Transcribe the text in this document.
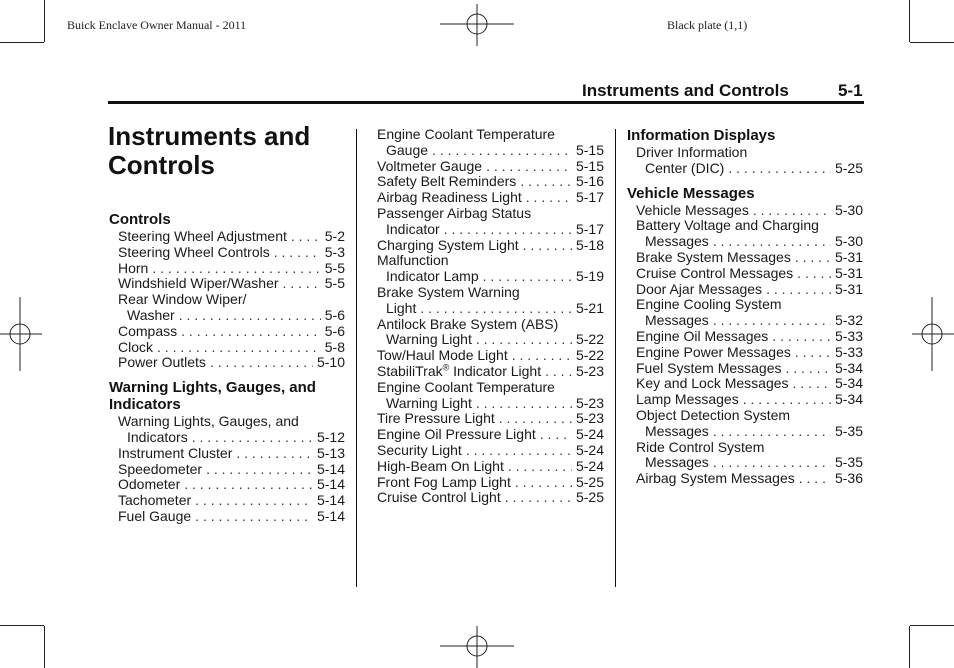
Buick Enclave Owner Manual - 2011	Black plate (1,1)
Instruments and Controls	5-1
Instruments and
Controls
Controls
Steering Wheel Adjustment . . .	5-2
Steering Wheel Controls . . .	5-3
Horn . . .	5-5
Windshield Wiper/Washer . . .	5-5
Rear Window Wiper/
Washer . . .	5-6
Compass . . .	5-6
Clock . . .	5-8
Power Outlets . . .	5-10
Warning Lights, Gauges, and
Indicators
Warning Lights, Gauges, and
Indicators . . .	5-12
Instrument Cluster . . .	5-13
Speedometer . . .	5-14
Odometer . . .	5-14
Tachometer . . .	5-14
Fuel Gauge . . .	5-14
Engine Coolant Temperature
Gauge . . .	5-15
Voltmeter Gauge . . .	5-15
Safety Belt Reminders . . .	5-16
Airbag Readiness Light . . .	5-17
Passenger Airbag Status
Indicator . . .	5-17
Charging System Light . . .	5-18
Malfunction
Indicator Lamp . . .	5-19
Brake System Warning
Light . . .	5-21
Antilock Brake System (ABS)
Warning Light . . .	5-22
Tow/Haul Mode Light . . .	5-22
StabiliTrak® Indicator Light . . . 5-23
Engine Coolant Temperature
Warning Light . . .	5-23
Tire Pressure Light . . .	5-23
Engine Oil Pressure Light . . .	5-24
Security Light . . .	5-24
High-Beam On Light . . .	5-24
Front Fog Lamp Light . . .	5-25
Cruise Control Light . . .	5-25
Information Displays
Driver Information
Center (DIC) . . .	5-25
Vehicle Messages
Vehicle Messages . . .	5-30
Battery Voltage and Charging
Messages . . .	5-30
Brake System Messages . . .	5-31
Cruise Control Messages . . .	5-31
Door Ajar Messages . . .	5-31
Engine Cooling System
Messages . . .	5-32
Engine Oil Messages . . .	5-33
Engine Power Messages . . .	5-33
Fuel System Messages . . .	5-34
Key and Lock Messages . . .	5-34
Lamp Messages . . .	5-34
Object Detection System
Messages . . .	5-35
Ride Control System
Messages . . .	5-35
Airbag System Messages . . .	5-36
